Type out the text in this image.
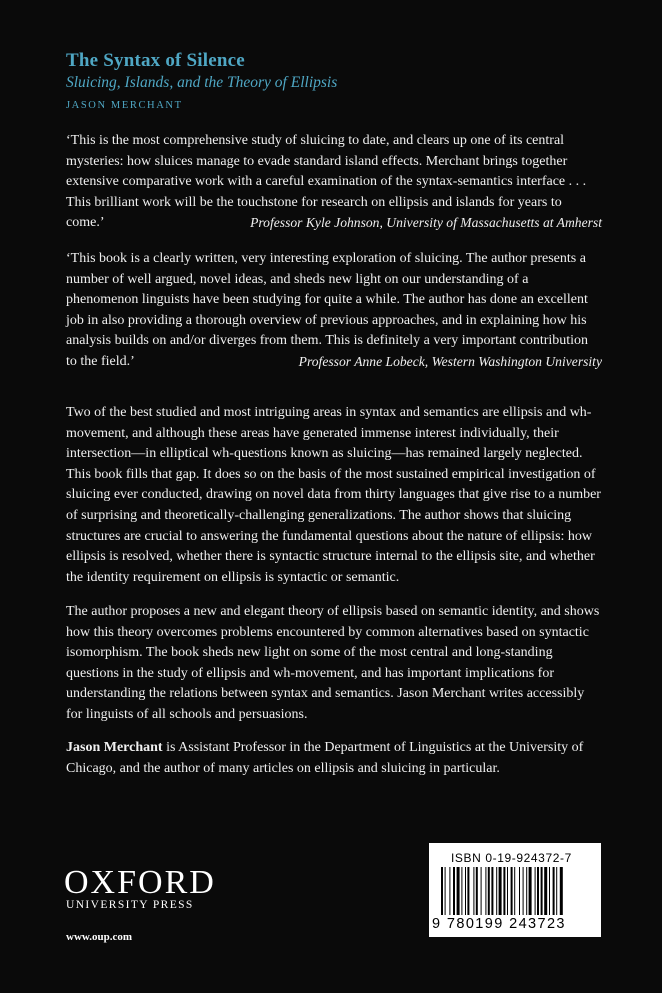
The Syntax of Silence
Sluicing, Islands, and the Theory of Ellipsis
JASON MERCHANT

‘This is the most comprehensive study of sluicing to date, and clears up one of its central mysteries: how sluices manage to evade standard island effects. Merchant brings together extensive comparative work with a careful examination of the syntax-semantics interface . . . This brilliant work will be the touchstone for research on ellipsis and islands for years to come.’	Professor Kyle Johnson, University of Massachusetts at Amherst

‘This book is a clearly written, very interesting exploration of sluicing. The author presents a number of well argued, novel ideas, and sheds new light on our understanding of a phenomenon linguists have been studying for quite a while. The author has done an excellent job in also providing a thorough overview of previous approaches, and in explaining how his analysis builds on and/or diverges from them. This is definitely a very important contribution to the field.’	Professor Anne Lobeck, Western Washington University

Two of the best studied and most intriguing areas in syntax and semantics are ellipsis and wh-movement, and although these areas have generated immense interest individually, their intersection—in elliptical wh-questions known as sluicing—has remained largely neglected. This book fills that gap. It does so on the basis of the most sustained empirical investigation of sluicing ever conducted, drawing on novel data from thirty languages that give rise to a number of surprising and theoretically-challenging generalizations. The author shows that sluicing structures are crucial to answering the fundamental questions about the nature of ellipsis: how ellipsis is resolved, whether there is syntactic structure internal to the ellipsis site, and whether the identity requirement on ellipsis is syntactic or semantic.

The author proposes a new and elegant theory of ellipsis based on semantic identity, and shows how this theory overcomes problems encountered by common alternatives based on syntactic isomorphism. The book sheds new light on some of the most central and long-standing questions in the study of ellipsis and wh-movement, and has important implications for understanding the relations between syntax and semantics. Jason Merchant writes accessibly for linguists of all schools and persuasions.

Jason Merchant is Assistant Professor in the Department of Linguistics at the University of Chicago, and the author of many articles on ellipsis and sluicing in particular.

OXFORD
UNIVERSITY PRESS
www.oup.com
ISBN 0-19-924372-7
9 780199 243723
